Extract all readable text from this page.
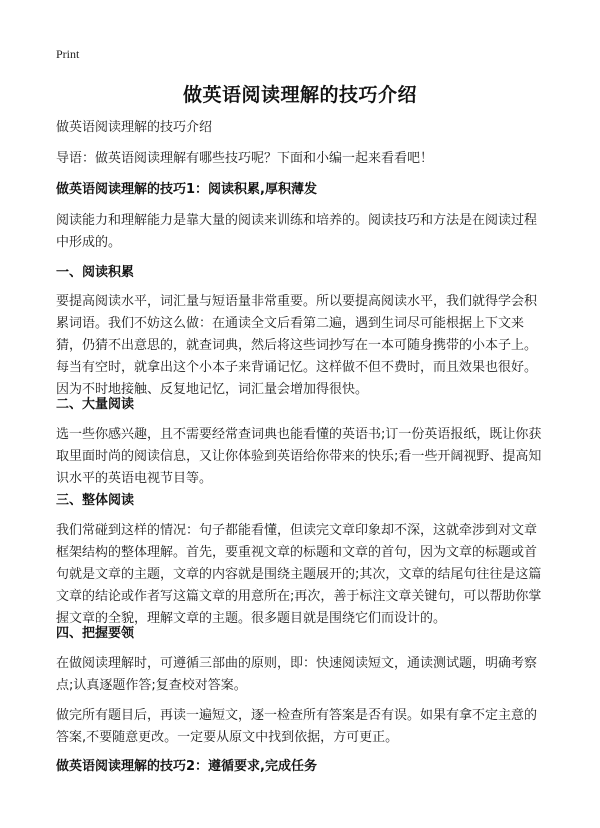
Print
做英语阅读理解的技巧介绍

做英语阅读理解的技巧介绍

导语：做英语阅读理解有哪些技巧呢？下面和小编一起来看看吧！

做英语阅读理解的技巧1：阅读积累,厚积薄发

阅读能力和理解能力是靠大量的阅读来训练和培养的。阅读技巧和方法是在阅读过程中形成的。

一、阅读积累

要提高阅读水平，词汇量与短语量非常重要。所以要提高阅读水平，我们就得学会积累词语。我们不妨这么做：在通读全文后看第二遍，遇到生词尽可能根据上下文来猜，仍猜不出意思的，就查词典，然后将这些词抄写在一本可随身携带的小本子上。每当有空时，就拿出这个小本子来背诵记忆。这样做不但不费时，而且效果也很好。因为不时地接触、反复地记忆，词汇量会增加得很快。

二、大量阅读

选一些你感兴趣，且不需要经常查词典也能看懂的英语书;订一份英语报纸，既让你获取里面时尚的阅读信息，又让你体验到英语给你带来的快乐;看一些开阔视野、提高知识水平的英语电视节目等。

三、整体阅读

我们常碰到这样的情况：句子都能看懂，但读完文章印象却不深，这就牵涉到对文章框架结构的整体理解。首先，要重视文章的标题和文章的首句，因为文章的标题或首句就是文章的主题，文章的内容就是围绕主题展开的;其次，文章的结尾句往往是这篇文章的结论或作者写这篇文章的用意所在;再次，善于标注文章关键句，可以帮助你掌握文章的全貌，理解文章的主题。很多题目就是围绕它们而设计的。

四、把握要领

在做阅读理解时，可遵循三部曲的原则，即：快速阅读短文，通读测试题，明确考察点;认真逐题作答;复查校对答案。

做完所有题目后，再读一遍短文，逐一检查所有答案是否有误。如果有拿不定主意的答案,不要随意更改。一定要从原文中找到依据，方可更正。

做英语阅读理解的技巧2：遵循要求,完成任务
